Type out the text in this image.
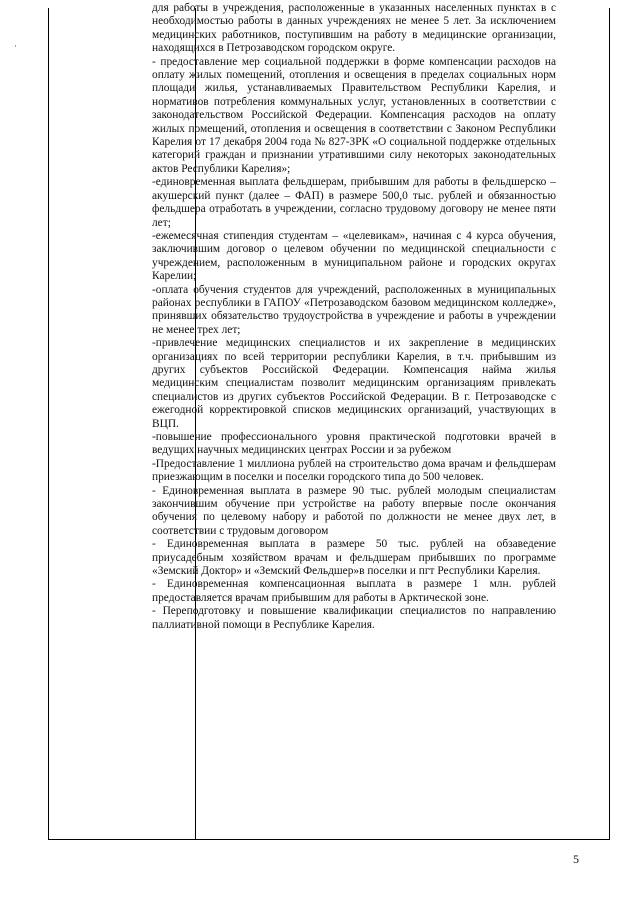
·

для работы в учреждения, расположенные в указанных населенных пунктах в с необходимостью работы в данных учреждениях не менее 5 лет. За исключением медицинских работников, поступившим на работу в медицинские организации, находящихся в Петрозаводском городском округе.

- предоставление мер социальной поддержки в форме компенсации расходов на оплату жилых помещений, отопления и освещения в пределах социальных норм площади жилья, устанавливаемых Правительством Республики Карелия, и нормативов потребления коммунальных услуг, установленных в соответствии с законодательством Российской Федерации. Компенсация расходов на оплату жилых помещений, отопления и освещения в соответствии с Законом Республики Карелия от 17 декабря 2004 года № 827-ЗРК «О социальной поддержке отдельных категорий граждан и признании утратившими силу некоторых законодательных актов Республики Карелия»;

-единовременная выплата фельдшерам, прибывшим для работы в фельдшерско – акушерский пункт (далее – ФАП) в размере 500,0 тыс. рублей и обязанностью фельдшера отработать в учреждении, согласно трудовому договору не менее пяти лет;

-ежемесячная стипендия студентам – «целевикам», начиная с 4 курса обучения, заключившим договор о целевом обучении по медицинской специальности с учреждением, расположенным в муниципальном районе и городских округах Карелии;

-оплата обучения студентов для учреждений, расположенных в муниципальных районах республики в ГАПОУ «Петрозаводском базовом медицинском колледже», принявших обязательство трудоустройства в учреждение и работы в учреждении не менее трех лет;

-привлечение медицинских специалистов и их закрепление в медицинских организациях по всей территории республики Карелия, в т.ч. прибывшим из других субъектов Российской Федерации. Компенсация найма жилья медицинским специалистам позволит медицинским организациям привлекать специалистов из других субъектов Российской Федерации. В г. Петрозаводске с ежегодной корректировкой списков медицинских организаций, участвующих в ВЦП.

-повышение профессионального уровня практической подготовки врачей в ведущих научных медицинских центрах России и за рубежом

-Предоставление 1 миллиона рублей на строительство дома врачам и фельдшерам приезжающим в поселки и поселки городского типа до 500 человек.

- Единовременная выплата в размере 90 тыс. рублей молодым специалистам закончившим обучение при устройстве на работу впервые после окончания обучения по целевому набору и работой по должности не менее двух лет, в соответствии с трудовым договором

- Единовременная выплата в размере 50 тыс. рублей на обзаведение приусадебным хозяйством врачам и фельдшерам прибывших по программе «Земский Доктор» и «Земский Фельдшер»в поселки и пгт Республики Карелия.

- Единовременная компенсационная выплата в размере 1 млн. рублей предоставляется врачам прибывшим для работы в Арктической зоне.

- Переподготовку и повышение квалификации специалистов по направлению паллиативной помощи в Республике Карелия.

5
